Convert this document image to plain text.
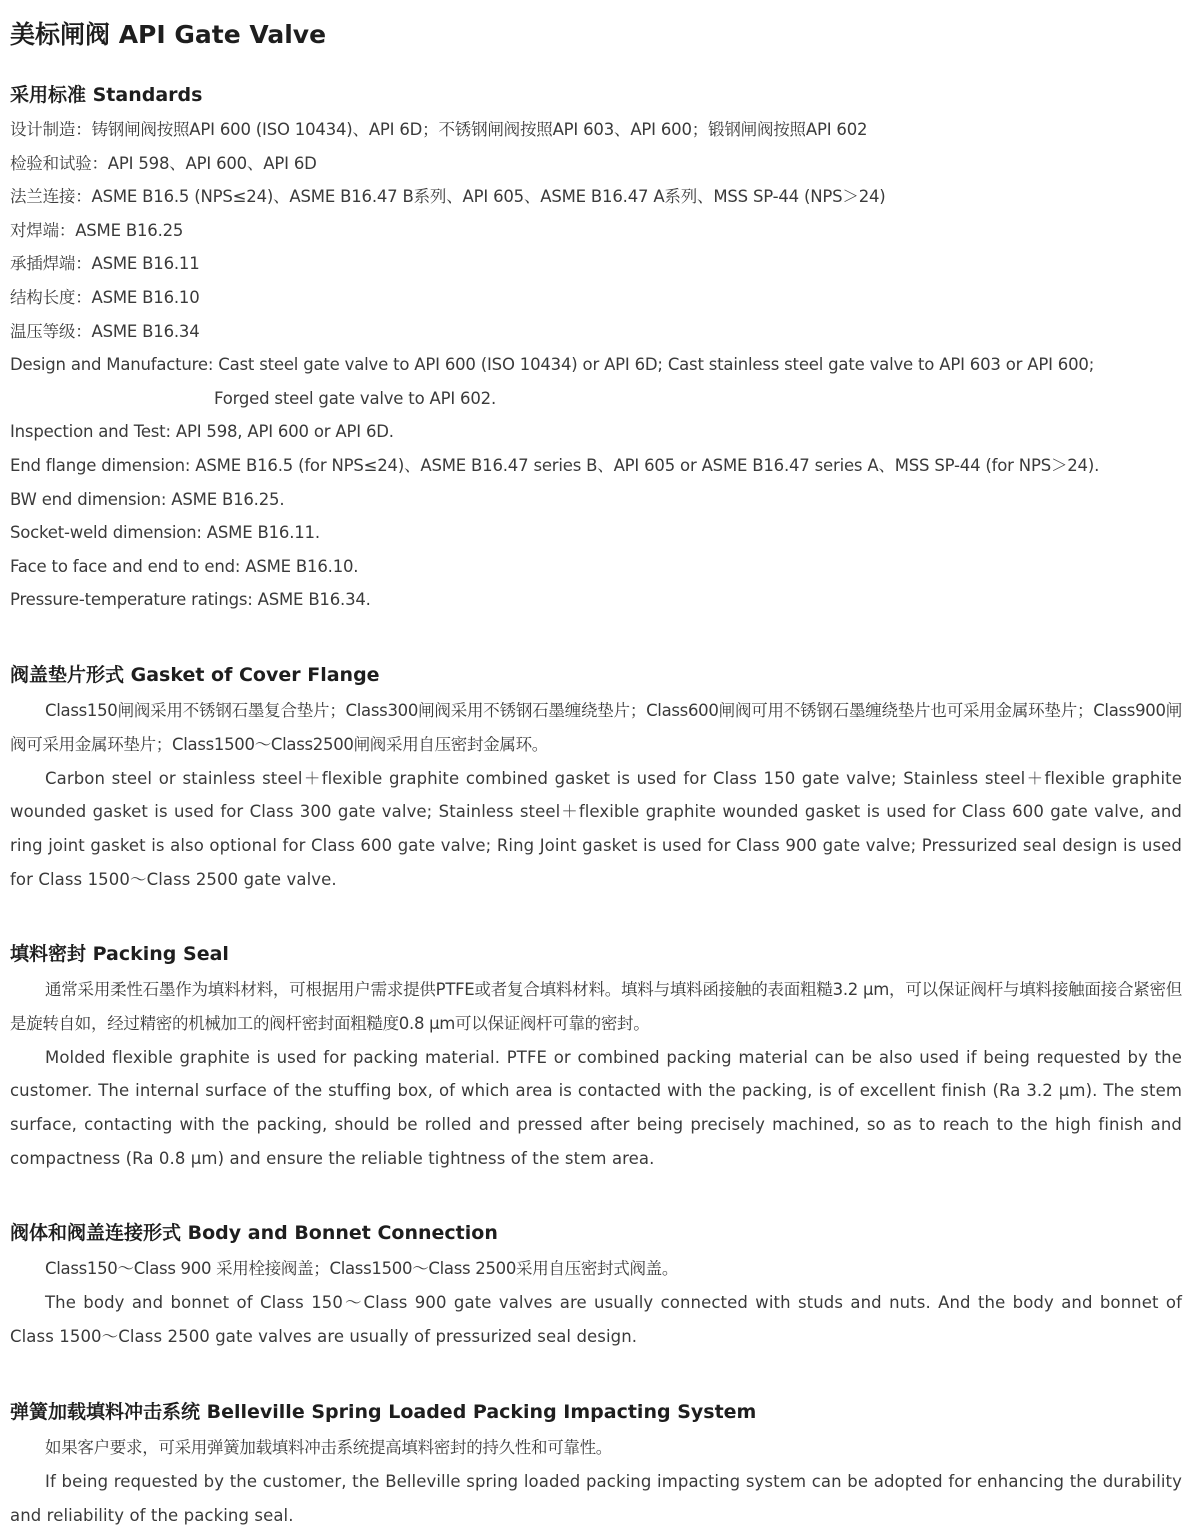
美标闸阀 API Gate Valve
采用标准 Standards
设计制造：铸钢闸阀按照API 600 (ISO 10434)、API 6D；不锈钢闸阀按照API 603、API 600；锻钢闸阀按照API 602
检验和试验：API 598、API 600、API 6D
法兰连接：ASME B16.5 (NPS≤24)、ASME B16.47 B系列、API 605、ASME B16.47 A系列、MSS SP-44 (NPS＞24)
对焊端：ASME B16.25
承插焊端：ASME B16.11
结构长度：ASME B16.10
温压等级：ASME B16.34
Design and Manufacture: Cast steel gate valve to API 600 (ISO 10434) or API 6D; Cast stainless steel gate valve to API 603 or API 600;
Forged steel gate valve to API 602.
Inspection and Test: API 598, API 600 or API 6D.
End flange dimension: ASME B16.5 (for NPS≤24)、ASME B16.47 series B、API 605 or ASME B16.47 series A、MSS SP-44 (for NPS＞24).
BW end dimension: ASME B16.25.
Socket-weld dimension: ASME B16.11.
Face to face and end to end: ASME B16.10.
Pressure-temperature ratings: ASME B16.34.
阀盖垫片形式 Gasket of Cover Flange

Class150闸阀采用不锈钢石墨复合垫片；Class300闸阀采用不锈钢石墨缠绕垫片；Class600闸阀可用不锈钢石墨缠绕垫片也可采用金属环垫片；Class900闸阀可采用金属环垫片；Class1500～Class2500闸阀采用自压密封金属环。

Carbon steel or stainless steel＋flexible graphite combined gasket is used for Class 150 gate valve; Stainless steel＋flexible graphite wounded gasket is used for Class 300 gate valve; Stainless steel＋flexible graphite wounded gasket is used for Class 600 gate valve, and ring joint gasket is also optional for Class 600 gate valve; Ring Joint gasket is used for Class 900 gate valve; Pressurized seal design is used for Class 1500～Class 2500 gate valve.

填料密封 Packing Seal

通常采用柔性石墨作为填料材料，可根据用户需求提供PTFE或者复合填料材料。填料与填料函接触的表面粗糙3.2 μm，可以保证阀杆与填料接触面接合紧密但是旋转自如，经过精密的机械加工的阀杆密封面粗糙度0.8 μm可以保证阀杆可靠的密封。

Molded flexible graphite is used for packing material. PTFE or combined packing material can be also used if being requested by the customer. The internal surface of the stuffing box, of which area is contacted with the packing, is of excellent finish (Ra 3.2 μm). The stem surface, contacting with the packing, should be rolled and pressed after being precisely machined, so as to reach to the high finish and compactness (Ra 0.8 μm) and ensure the reliable tightness of the stem area.

阀体和阀盖连接形式 Body and Bonnet Connection

Class150～Class 900 采用栓接阀盖；Class1500～Class 2500采用自压密封式阀盖。

The body and bonnet of Class 150～Class 900 gate valves are usually connected with studs and nuts. And the body and bonnet of Class 1500～Class 2500 gate valves are usually of pressurized seal design.

弹簧加载填料冲击系统 Belleville Spring Loaded Packing Impacting System

如果客户要求，可采用弹簧加载填料冲击系统提高填料密封的持久性和可靠性。

If being requested by the customer, the Belleville spring loaded packing impacting system can be adopted for enhancing the durability and reliability of the packing seal.
